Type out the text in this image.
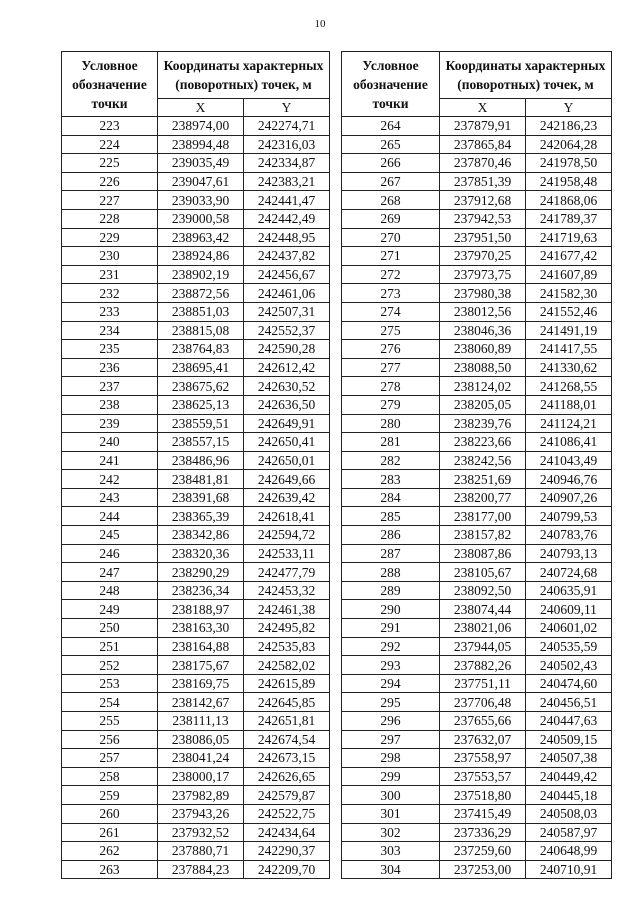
10
Условное обозначение точки	Координаты характерных (поворотных) точек, м	
	X	Y
223	238974,00	242274,71
224	238994,48	242316,03
225	239035,49	242334,87
226	239047,61	242383,21
227	239033,90	242441,47
228	239000,58	242442,49
229	238963,42	242448,95
230	238924,86	242437,82
231	238902,19	242456,67
232	238872,56	242461,06
233	238851,03	242507,31
234	238815,08	242552,37
235	238764,83	242590,28
236	238695,41	242612,42
237	238675,62	242630,52
238	238625,13	242636,50
239	238559,51	242649,91
240	238557,15	242650,41
241	238486,96	242650,01
242	238481,81	242649,66
243	238391,68	242639,42
244	238365,39	242618,41
245	238342,86	242594,72
246	238320,36	242533,11
247	238290,29	242477,79
248	238236,34	242453,32
249	238188,97	242461,38
250	238163,30	242495,82
251	238164,88	242535,83
252	238175,67	242582,02
253	238169,75	242615,89
254	238142,67	242645,85
255	238111,13	242651,81
256	238086,05	242674,54
257	238041,24	242673,15
258	238000,17	242626,65
259	237982,89	242579,87
260	237943,26	242522,75
261	237932,52	242434,64
262	237880,71	242290,37
263	237884,23	242209,70
Условное обозначение точки	Координаты характерных (поворотных) точек, м	
	X	Y
264	237879,91	242186,23
265	237865,84	242064,28
266	237870,46	241978,50
267	237851,39	241958,48
268	237912,68	241868,06
269	237942,53	241789,37
270	237951,50	241719,63
271	237970,25	241677,42
272	237973,75	241607,89
273	237980,38	241582,30
274	238012,56	241552,46
275	238046,36	241491,19
276	238060,89	241417,55
277	238088,50	241330,62
278	238124,02	241268,55
279	238205,05	241188,01
280	238239,76	241124,21
281	238223,66	241086,41
282	238242,56	241043,49
283	238251,69	240946,76
284	238200,77	240907,26
285	238177,00	240799,53
286	238157,82	240783,76
287	238087,86	240793,13
288	238105,67	240724,68
289	238092,50	240635,91
290	238074,44	240609,11
291	238021,06	240601,02
292	237944,05	240535,59
293	237882,26	240502,43
294	237751,11	240474,60
295	237706,48	240456,51
296	237655,66	240447,63
297	237632,07	240509,15
298	237558,97	240507,38
299	237553,57	240449,42
300	237518,80	240445,18
301	237415,49	240508,03
302	237336,29	240587,97
303	237259,60	240648,99
304	237253,00	240710,91
